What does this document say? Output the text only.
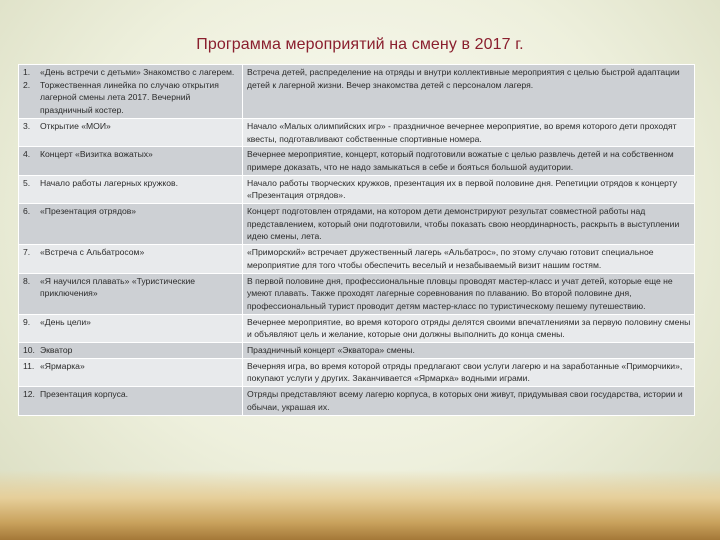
Программа мероприятий на смену в 2017 г.
1. «День встречи с детьми» Знакомство с лагерем.
2. Торжественная линейка по случаю открытия лагерной смены лета 2017. Вечерний праздничный костер.	Встреча детей, распределение на отряды и внутри коллективные мероприятия с целью быстрой адаптации детей к лагерной жизни. Вечер знакомства детей с персоналом лагеря.

3. Открытие «МОИ»	Начало «Малых олимпийских игр» - праздничное вечернее мероприятие, во время которого дети проходят квесты, подготавливают собственные спортивные номера.

4. Концерт «Визитка вожатых»	Вечернее мероприятие, концерт, который подготовили вожатые с целью развлечь детей и на собственном примере доказать, что не надо замыкаться в себе и бояться большой аудитории.

5. Начало работы лагерных кружков.	Начало работы творческих кружков, презентация их в первой половине дня. Репетиции отрядов к концерту «Презентация отрядов».

6. «Презентация отрядов»	Концерт подготовлен отрядами, на котором дети демонстрируют результат совместной работы над представлением, который они подготовили, чтобы показать свою неординарность, раскрыть в выступлении идею смены, лета.

7. «Встреча с Альбатросом»	«Приморский» встречает дружественный лагерь «Альбатрос», по этому случаю готовит специальное мероприятие для того чтобы обеспечить веселый и незабываемый визит нашим гостям.

8. «Я научился плавать» «Туристические приключения»	В первой половине дня, профессиональные пловцы проводят мастер-класс и учат детей, которые еще не умеют плавать. Также проходят лагерные соревнования по плаванию. Во второй половине дня, профессиональный турист проводит детям мастер-класс по туристическому пешему путешествию.

9. «День цели»	Вечернее мероприятие, во время которого отряды делятся своими впечатлениями за первую половину смены и объявляют цель и желание, которые они должны выполнить до конца смены.

10. Экватор	Праздничный концерт «Экватора» смены.

11. «Ярмарка»	Вечерняя игра, во время которой отряды предлагают свои услуги лагерю и на заработанные «Приморчики», покупают услуги у других. Заканчивается «Ярмарка» водными играми.

12. Презентация корпуса.	Отряды представляют всему лагерю корпуса, в которых они живут, придумывая свои государства, истории и обычаи, украшая их.
